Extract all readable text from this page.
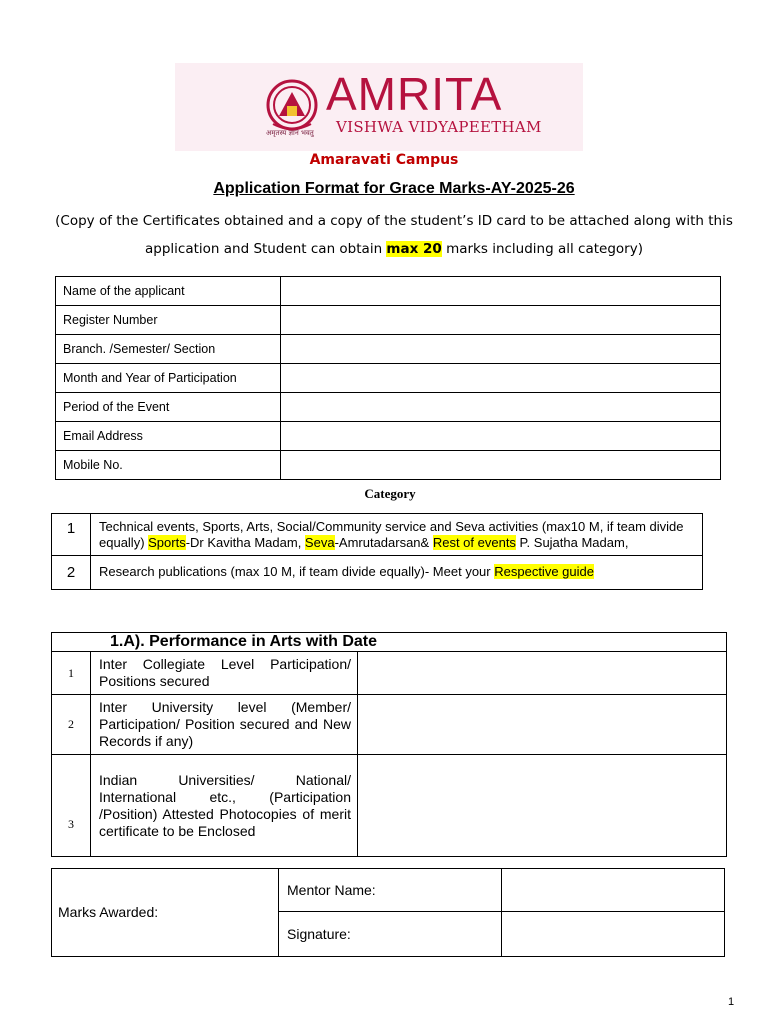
AMRITA
VISHWA VIDYAPEETHAM
अमृतस्य ज्ञानं भवतु
Amaravati Campus
Application Format for Grace Marks-AY-2025-26
(Copy of the Certificates obtained and a copy of the student’s ID card to be attached along with this application and Student can obtain max 20 marks including all category)
Name of the applicant	
Register Number	
Branch. /Semester/ Section	
Month and Year of Participation	
Period of the Event	
Email Address	
Mobile No.	
Category
1	Technical events, Sports, Arts, Social/Community service and Seva activities (max10 M, if team divide equally) Sports-Dr Kavitha Madam, Seva-Amrutadarsan& Rest of events P. Sujatha Madam,
2	Research publications (max 10 M, if team divide equally)- Meet your Respective guide
1.A). Performance in Arts with Date		
1	Inter Collegiate Level Participation/ Positions secured	
2	Inter University level (Member/ Participation/ Position secured and New Records if any)	
3	Indian Universities/ National/ International etc., (Participation /Position) Attested Photocopies of merit certificate to be Enclosed	
Marks Awarded:	Mentor Name:	
	Signature:	
1
